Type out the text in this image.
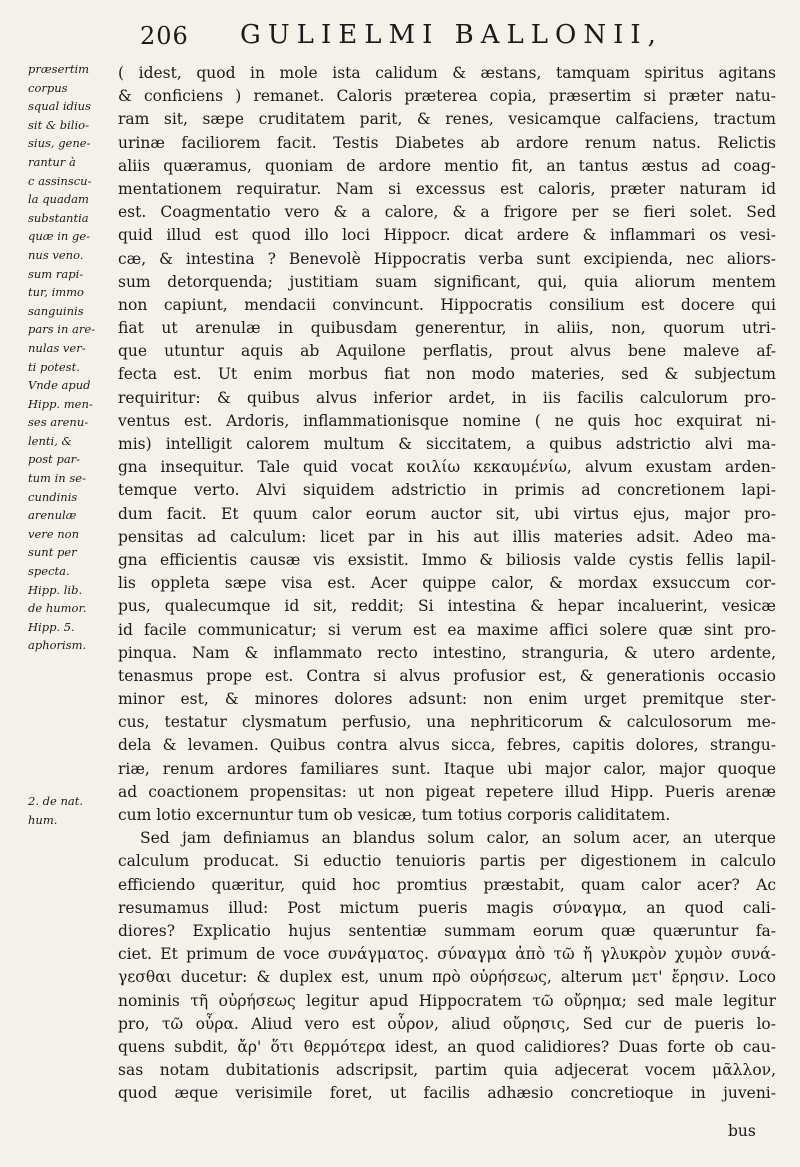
206 GULIELMI BALLONII,
præsertim
corpus
squal idius
sit & bilio-
sius, gene-
rantur à
c assinscu-
la quadam
substantia
quæ in ge-
nus veno.
sum rapi-
tur, immo
sanguinis
pars in are-
nulas ver-
ti potest.
Vnde apud
Hipp. men-
ses arenu-
lenti, &
post par-
tum in se-
cundinis
arenulæ
vere non
sunt per
specta.
Hipp. lib.
de humor.
Hipp. 5.
aphorism.
2. de nat.
hum.
( idest, quod in mole ista calidum & æstans, tamquam spiritus agitans
& conficiens ) remanet. Caloris præterea copia, præsertim si præter natu-
ram sit, sæpe cruditatem parit, & renes, vesicamque calfaciens, tractum
urinæ faciliorem facit. Testis Diabetes ab ardore renum natus. Relictis
aliis quæramus, quoniam de ardore mentio fit, an tantus æstus ad coag-
mentationem requiratur. Nam si excessus est caloris, præter naturam id
est. Coagmentatio vero & a calore, & a frigore per se fieri solet. Sed
quid illud est quod illo loci Hippocr. dicat ardere & inflammari os vesi-
cæ, & intestina ? Benevolè Hippocratis verba sunt excipienda, nec aliors-
sum detorquenda; justitiam suam significant, qui, quia aliorum mentem
non capiunt, mendacii convincunt. Hippocratis consilium est docere qui
fiat ut arenulæ in quibusdam generentur, in aliis, non, quorum utri-
que utuntur aquis ab Aquilone perflatis, prout alvus bene maleve af-
fecta est. Ut enim morbus fiat non modo materies, sed & subjectum
requiritur: & quibus alvus inferior ardet, in iis facilis calculorum pro-
ventus est. Ardoris, inflammationisque nomine ( ne quis hoc exquirat ni-
mis) intelligit calorem multum & siccitatem, a quibus adstrictio alvi ma-
gna insequitur. Tale quid vocat κοιλίω κεκαυμένίω, alvum exustam arden-
temque verto. Alvi siquidem adstrictio in primis ad concretionem lapi-
dum facit. Et quum calor eorum auctor sit, ubi virtus ejus, major pro-
pensitas ad calculum: licet par in his aut illis materies adsit. Adeo ma-
gna efficientis causæ vis exsistit. Immo & biliosis valde cystis fellis lapil-
lis oppleta sæpe visa est. Acer quippe calor, & mordax exsuccum cor-
pus, qualecumque id sit, reddit; Si intestina & hepar incaluerint, vesicæ
id facile communicatur; si verum est ea maxime affici solere quæ sint pro-
pinqua. Nam & inflammato recto intestino, stranguria, & utero ardente,
tenasmus prope est. Contra si alvus profusior est, & generationis occasio
minor est, & minores dolores adsunt: non enim urget premitque ster-
cus, testatur clysmatum perfusio, una nephriticorum & calculosorum me-
dela & levamen. Quibus contra alvus sicca, febres, capitis dolores, strangu-
riæ, renum ardores familiares sunt. Itaque ubi major calor, major quoque
ad coactionem propensitas: ut non pigeat repetere illud Hipp. Pueris arenæ
cum lotio excernuntur tum ob vesicæ, tum totius corporis caliditatem.
Sed jam definiamus an blandus solum calor, an solum acer, an uterque
calculum producat. Si eductio tenuioris partis per digestionem in calculo
efficiendo quæritur, quid hoc promtius præstabit, quam calor acer? Ac
resumamus illud: Post mictum pueris magis σύναγμα, an quod cali-
diores? Explicatio hujus sententiæ summam eorum quæ quæruntur fa-
ciet. Et primum de voce συνάγματος. σύναγμα ἀπὸ τῶ ἤ γλυκρὸν χυμὸν συνά-
γεσθαι ducetur: & duplex est, unum πρὸ οὐρήσεως, alterum μετ' ἔρησιν. Loco
nominis τῆ οὐρήσεως legitur apud Hippocratem τῶ οὔρημα; sed male legitur
pro, τῶ οὖρα. Aliud vero est οὖρον, aliud οὔρησις, Sed cur de pueris lo-
quens subdit, ἄρ' ὅτι θερμότερα idest, an quod calidiores? Duas forte ob cau-
sas notam dubitationis adscripsit, partim quia adjecerat vocem μᾶλλον,
quod æque verisimile foret, ut facilis adhæsio concretioque in juveni-
bus
